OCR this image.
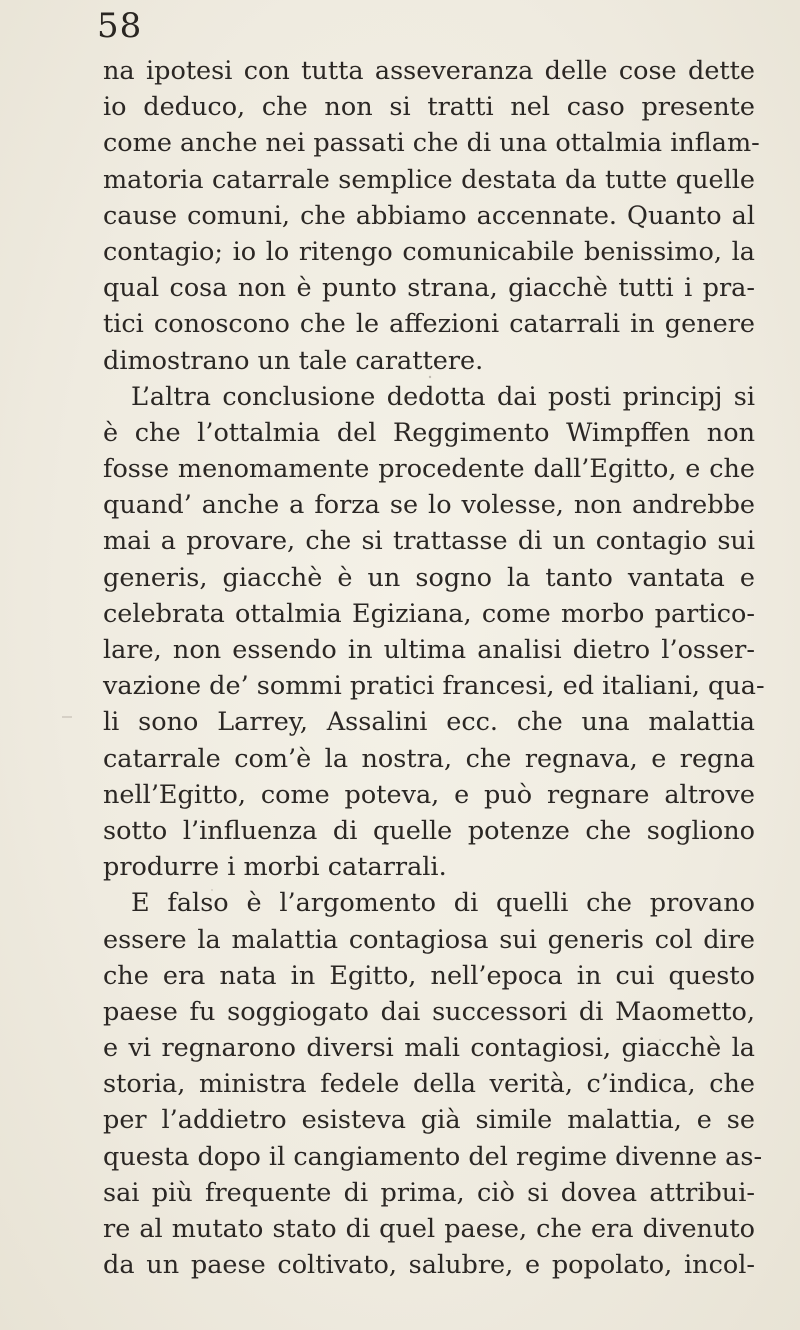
58
na ipotesi con tutta asseveranza delle cose dette
io deduco, che non si tratti nel caso presente
come anche nei passati che di una ottalmia inflam-
matoria catarrale semplice destata da tutte quelle
cause comuni, che abbiamo accennate. Quanto al
contagio; io lo ritengo comunicabile benissimo, la
qual cosa non è punto strana, giacchè tutti i pra-
tici conoscono che le affezioni catarrali in genere
dimostrano un tale carattere.
L’altra conclusione dedotta dai posti principj si
è che l’ottalmia del Reggimento Wimpffen non
fosse menomamente procedente dall’Egitto, e che
quand’ anche a forza se lo volesse, non andrebbe
mai a provare, che si trattasse di un contagio sui
generis, giacchè è un sogno la tanto vantata e
celebrata ottalmia Egiziana, come morbo partico-
lare, non essendo in ultima analisi dietro l’osser-
vazione de’ sommi pratici francesi, ed italiani, qua-
li sono Larrey, Assalini ecc. che una malattia
catarrale com’è la nostra, che regnava, e regna
nell’Egitto, come poteva, e può regnare altrove
sotto l’influenza di quelle potenze che sogliono
produrre i morbi catarrali.
E falso è l’argomento di quelli che provano
essere la malattia contagiosa sui generis col dire
che era nata in Egitto, nell’epoca in cui questo
paese fu soggiogato dai successori di Maometto,
e vi regnarono diversi mali contagiosi, giacchè la
storia, ministra fedele della verità, c’indica, che
per l’addietro esisteva già simile malattia, e se
questa dopo il cangiamento del regime divenne as-
sai più frequente di prima, ciò si dovea attribui-
re al mutato stato di quel paese, che era divenuto
da un paese coltivato, salubre, e popolato, incol-
